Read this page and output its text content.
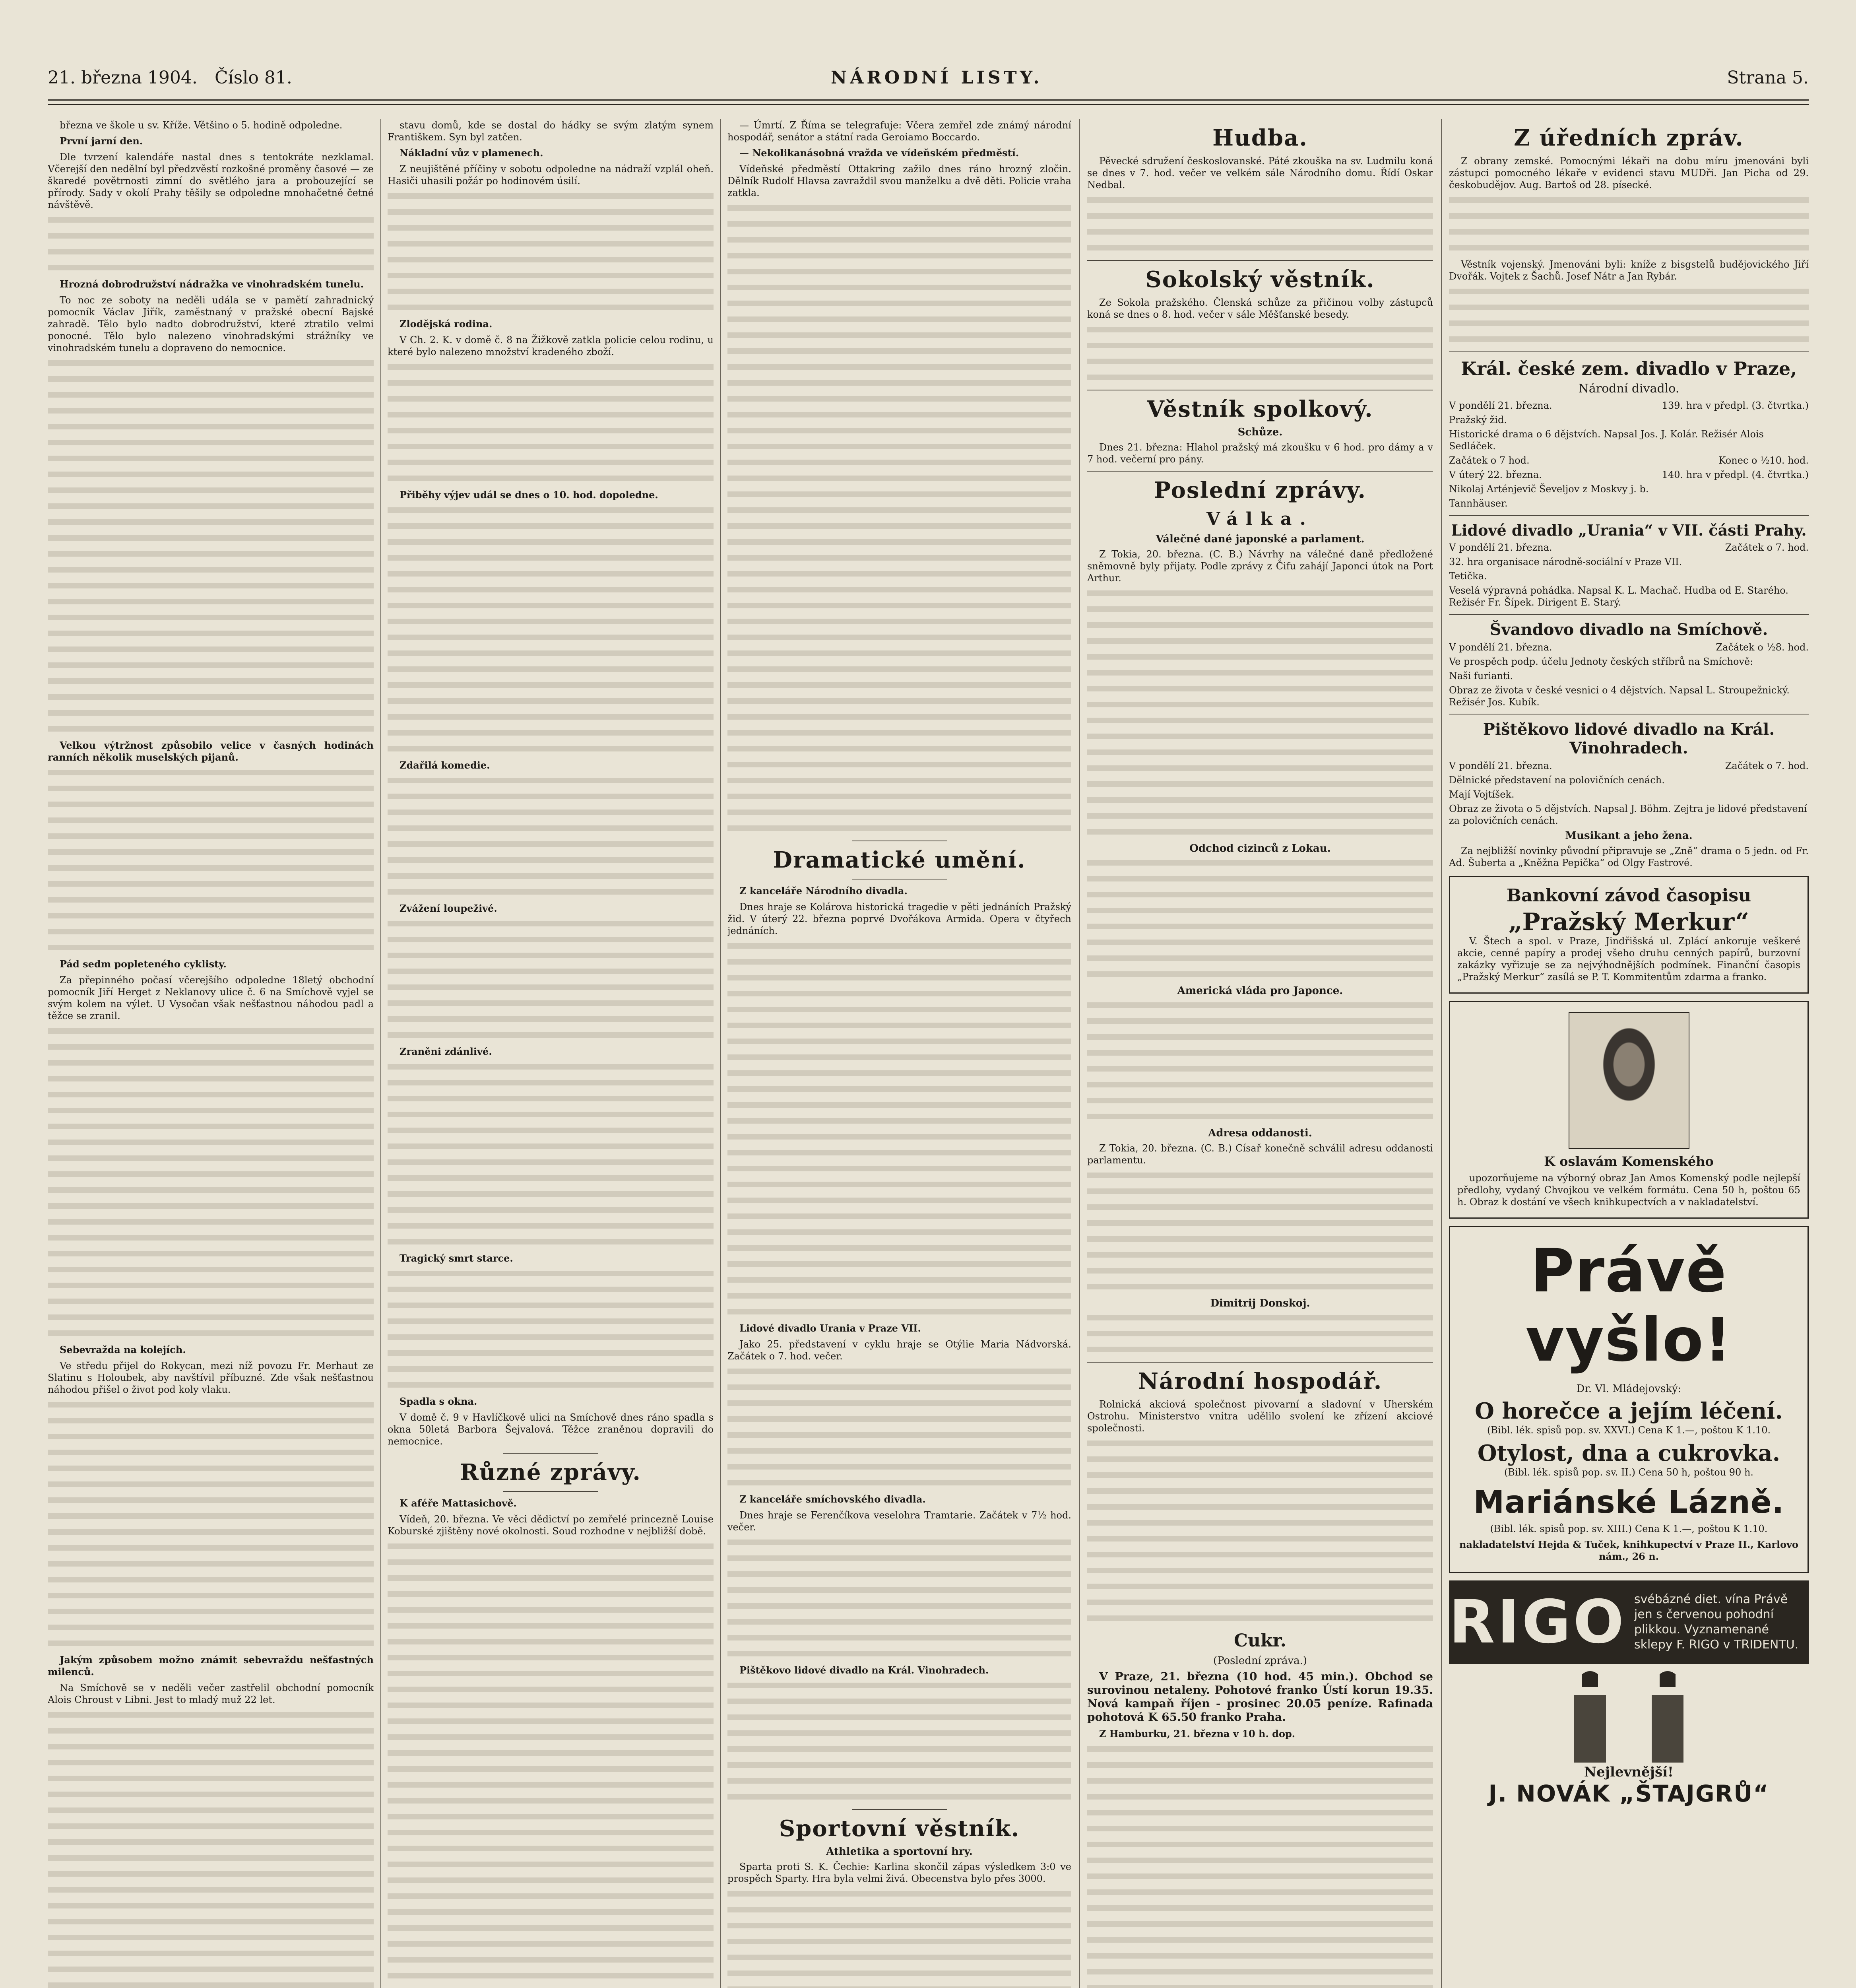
21. března 1904. Číslo 81.	NÁRODNÍ LISTY.	Strana 5.

března ve škole u sv. Kříže. Většino o 5. hodině odpoledne.

První jarní den.

Dle tvrzení kalendáře nastal dnes s tentokráte nezklamal. Včerejší den nedělní byl předzvěstí rozkošné proměny časové — ze škaredé povětrnosti zimní do světlého jara a probouzející se přírody. Sady v okolí Prahy těšily se odpoledne mnohačetné četné návštěvě.

Hrozná dobrodružství nádražka ve vinohradském tunelu.

To noc ze soboty na neděli udála se v pamětí zahradnický pomocník Václav Jiřík, zaměstnaný v pražské obecní Bajské zahradě. Tělo bylo nadto dobrodružství, které ztratilo velmi ponocné. Tělo bylo nalezeno vinohradskými strážníky ve vinohradském tunelu a dopraveno do nemocnice.

Velkou výtržnost způsobilo velice v časných hodinách ranních několik muselských pijanů.

Pád sedm popleteného cyklisty.

Za přepinného počasí včerejšího odpoledne 18letý obchodní pomocník Jiří Herget z Neklanovy ulice č. 6 na Smíchově vyjel se svým kolem na výlet. U Vysočan však nešťastnou náhodou padl a těžce se zranil.

Sebevražda na kolejích.

Ve středu přijel do Rokycan, mezi níž povozu Fr. Merhaut ze Slatinu s Holoubek, aby navštívil příbuzné. Zde však nešťastnou náhodou přišel o život pod koly vlaku.

Jakým způsobem možno známit sebevraždu nešťastných milenců.

Na Smíchově se v neděli večer zastřelil obchodní pomocník Alois Chroust v Libni. Jest to mladý muž 22 let.

stavu domů, kde se dostal do hádky se svým zlatým synem Františkem. Syn byl zatčen.

Nákladní vůz v plamenech.

Z neujištěné příčiny v sobotu odpoledne na nádraží vzplál oheň. Hasiči uhasili požár po hodinovém úsilí.

Zlodějská rodina.

V Ch. 2. K. v domě č. 8 na Žižkově zatkla policie celou rodinu, u které bylo nalezeno množství kradeného zboží.

Přiběhy výjev udál se dnes o 10. hod. dopoledne.

Zdařilá komedie.

Zvážení loupeživé.

Zraněni zdánlivé.

Tragický smrt starce.

Spadla s okna.

V domě č. 9 v Havlíčkově ulici na Smíchově dnes ráno spadla s okna 50letá Barbora Šejvalová. Těžce zraněnou dopravili do nemocnice.

Různé zprávy.

K aféře Mattasichově.

Vídeň, 20. března. Ve věci dědictví po zemřelé princezně Louise Koburské zjištěny nové okolnosti. Soud rozhodne v nejbližší době.

— Úmrtí. Z Říma se telegrafuje: Včera zemřel zde známý národní hospodář, senátor a státní rada Geroiamo Boccardo.

— Nekolikanásobná vražda ve vídeňském předměstí.

Vídeňské předměstí Ottakring zažilo dnes ráno hrozný zločin. Dělník Rudolf Hlavsa zavraždil svou manželku a dvě děti. Policie vraha zatkla.

Dramatické umění.

Z kanceláře Národního divadla.

Dnes hraje se Kolárova historická tragedie v pěti jednáních Pražský žid. V úterý 22. března poprvé Dvořákova Armida. Opera v čtyřech jednáních.

Lidové divadlo Urania v Praze VII.

Jako 25. představení v cyklu hraje se Otýlie Maria Nádvorská. Začátek o 7. hod. večer.

Z kanceláře smíchovského divadla.

Dnes hraje se Ferenčíkova veselohra Tramtarie. Začátek v 7½ hod. večer.

Pištěkovo lidové divadlo na Král. Vinohradech.

Sportovní věstník.
Athletika a sportovní hry.

Sparta proti S. K. Čechie: Karlina skončil zápas výsledkem 3:0 ve prospěch Sparty. Hra byla velmi živá. Obecenstva bylo přes 3000.

Hudba.

Pěvecké sdružení českoslovanské. Páté zkouška na sv. Ludmilu koná se dnes v 7. hod. večer ve velkém sále Národního domu. Řídí Oskar Nedbal.

Sokolský věstník.

Ze Sokola pražského. Členská schůze za přičinou volby zástupců koná se dnes o 8. hod. večer v sále Měšťanské besedy.

Věstník spolkový.
Schůze.

Dnes 21. března: Hlahol pražský má zkoušku v 6 hod. pro dámy a v 7 hod. večerní pro pány.

Poslední zprávy.
Válka.
Válečné dané japonské a parlament.

Z Tokia, 20. března. (C. B.) Návrhy na válečné daně předložené sněmovně byly přijaty. Podle zprávy z Čifu zahájí Japonci útok na Port Arthur.

Odchod cizinců z Lokau.
Americká vláda pro Japonce.
Adresa oddanosti.

Z Tokia, 20. března. (C. B.) Císař konečně schválil adresu oddanosti parlamentu.

Dimitrij Donskoj.
Národní hospodář.

Rolnická akciová společnost pivovarní a sladovní v Uherském Ostrohu. Ministerstvo vnitra udělilo svolení ke zřízení akciové společnosti.

Cukr.
(Poslední zpráva.)

V Praze, 21. března (10 hod. 45 min.). Obchod se surovinou netaleny. Pohotové franko Ústí korun 19.35. Nová kampaň říjen - prosinec 20.05 peníze. Rafinada pohotová K 65.50 franko Praha.

Z Hamburku, 21. března v 10 h. dop.

Z úředních zpráv.

Z obrany zemské. Pomocnými lékaři na dobu míru jmenováni byli zástupci pomocného lékaře v evidenci stavu MUDři. Jan Picha od 29. českobudějov. Aug. Bartoš od 28. písecké.

Věstník vojenský. Jmenováni byli: kníže z bisgstelů budějovického Jiří Dvořák. Vojtek z Šachů. Josef Nátr a Jan Rybár.

Král. české zem. divadlo v Praze,
Národní divadlo.
139. hra v předpl. (3. čtvrtka.)
V pondělí 21. března.
Pražský žid.
Historické drama o 6 dějstvích. Napsal Jos. J. Kolár. Režisér Alois Sedláček.
Konec o ½10. hod.
Začátek o 7 hod.
140. hra v předpl. (4. čtvrtka.)
V úterý 22. března.
Nikolaj Arténjevič Ševeljov z Moskvy j. b.
Tannhäuser.
Lidové divadlo „Urania“ v VII. části Prahy.
Začátek o 7. hod.
V pondělí 21. března.
32. hra organisace národně-sociální v Praze VII.
Tetička.
Veselá výpravná pohádka. Napsal K. L. Machač. Hudba od E. Starého. Režisér Fr. Šípek. Dirigent E. Starý.
Švandovo divadlo na Smíchově.
Začátek o ½8. hod.
V pondělí 21. března.
Ve prospěch podp. účelu Jednoty českých stříbrů na Smíchově:
Naši furianti.
Obraz ze života v české vesnici o 4 dějstvích. Napsal L. Stroupežnický. Režisér Jos. Kubík.
Pištěkovo lidové divadlo na Král. Vinohradech.
Začátek o 7. hod.
V pondělí 21. března.
Dělnické představení na polovičních cenách.
Mají Vojtíšek.
Obraz ze života o 5 dějstvích. Napsal J. Böhm. Zejtra je lidové představení za polovičních cenách.
Musikant a jeho žena.

Za nejbližší novinky původní připravuje se „Zně“ drama o 5 jedn. od Fr. Ad. Šuberta a „Kněžna Pepička“ od Olgy Fastrové.

Bankovní závod časopisu
„Pražský Merkur“

V. Štech a spol. v Praze, Jindřišská ul. Zplácí ankoruje veškeré akcie, cenné papíry a prodej všeho druhu cenných papírů, burzovní zakázky vyřizuje se za nejvýhodnějších podmínek. Finanční časopis „Pražský Merkur“ zasílá se P. T. Kommitentům zdarma a franko.

K oslavám Komenského

upozorňujeme na výborný obraz Jan Amos Komenský podle nejlepší předlohy, vydaný Chvojkou ve velkém formátu. Cena 50 h, poštou 65 h. Obraz k dostání ve všech knihkupectvích a v nakladatelství.

Právě vyšlo!
Dr. Vl. Mládejovský:
O horečce a jejím léčení.

(Bibl. lék. spisů pop. sv. XXVI.) Cena K 1.—, poštou K 1.10.

Otylost, dna a cukrovka.

(Bibl. lék. spisů pop. sv. II.) Cena 50 h, poštou 90 h.

Mariánské Lázně.

(Bibl. lék. spisů pop. sv. XIII.) Cena K 1.—, poštou K 1.10.

nakladatelství Hejda & Tuček, knihkupectví v Praze II., Karlovo nám., 26 n.

RIGO svébázné diet. vína Právě jen s červenou pohodní plikkou. Vyznamenané sklepy F. RIGO v TRIDENTU.

Nejlevnější!
J. NOVÁK „ŠTAJGRŮ“
